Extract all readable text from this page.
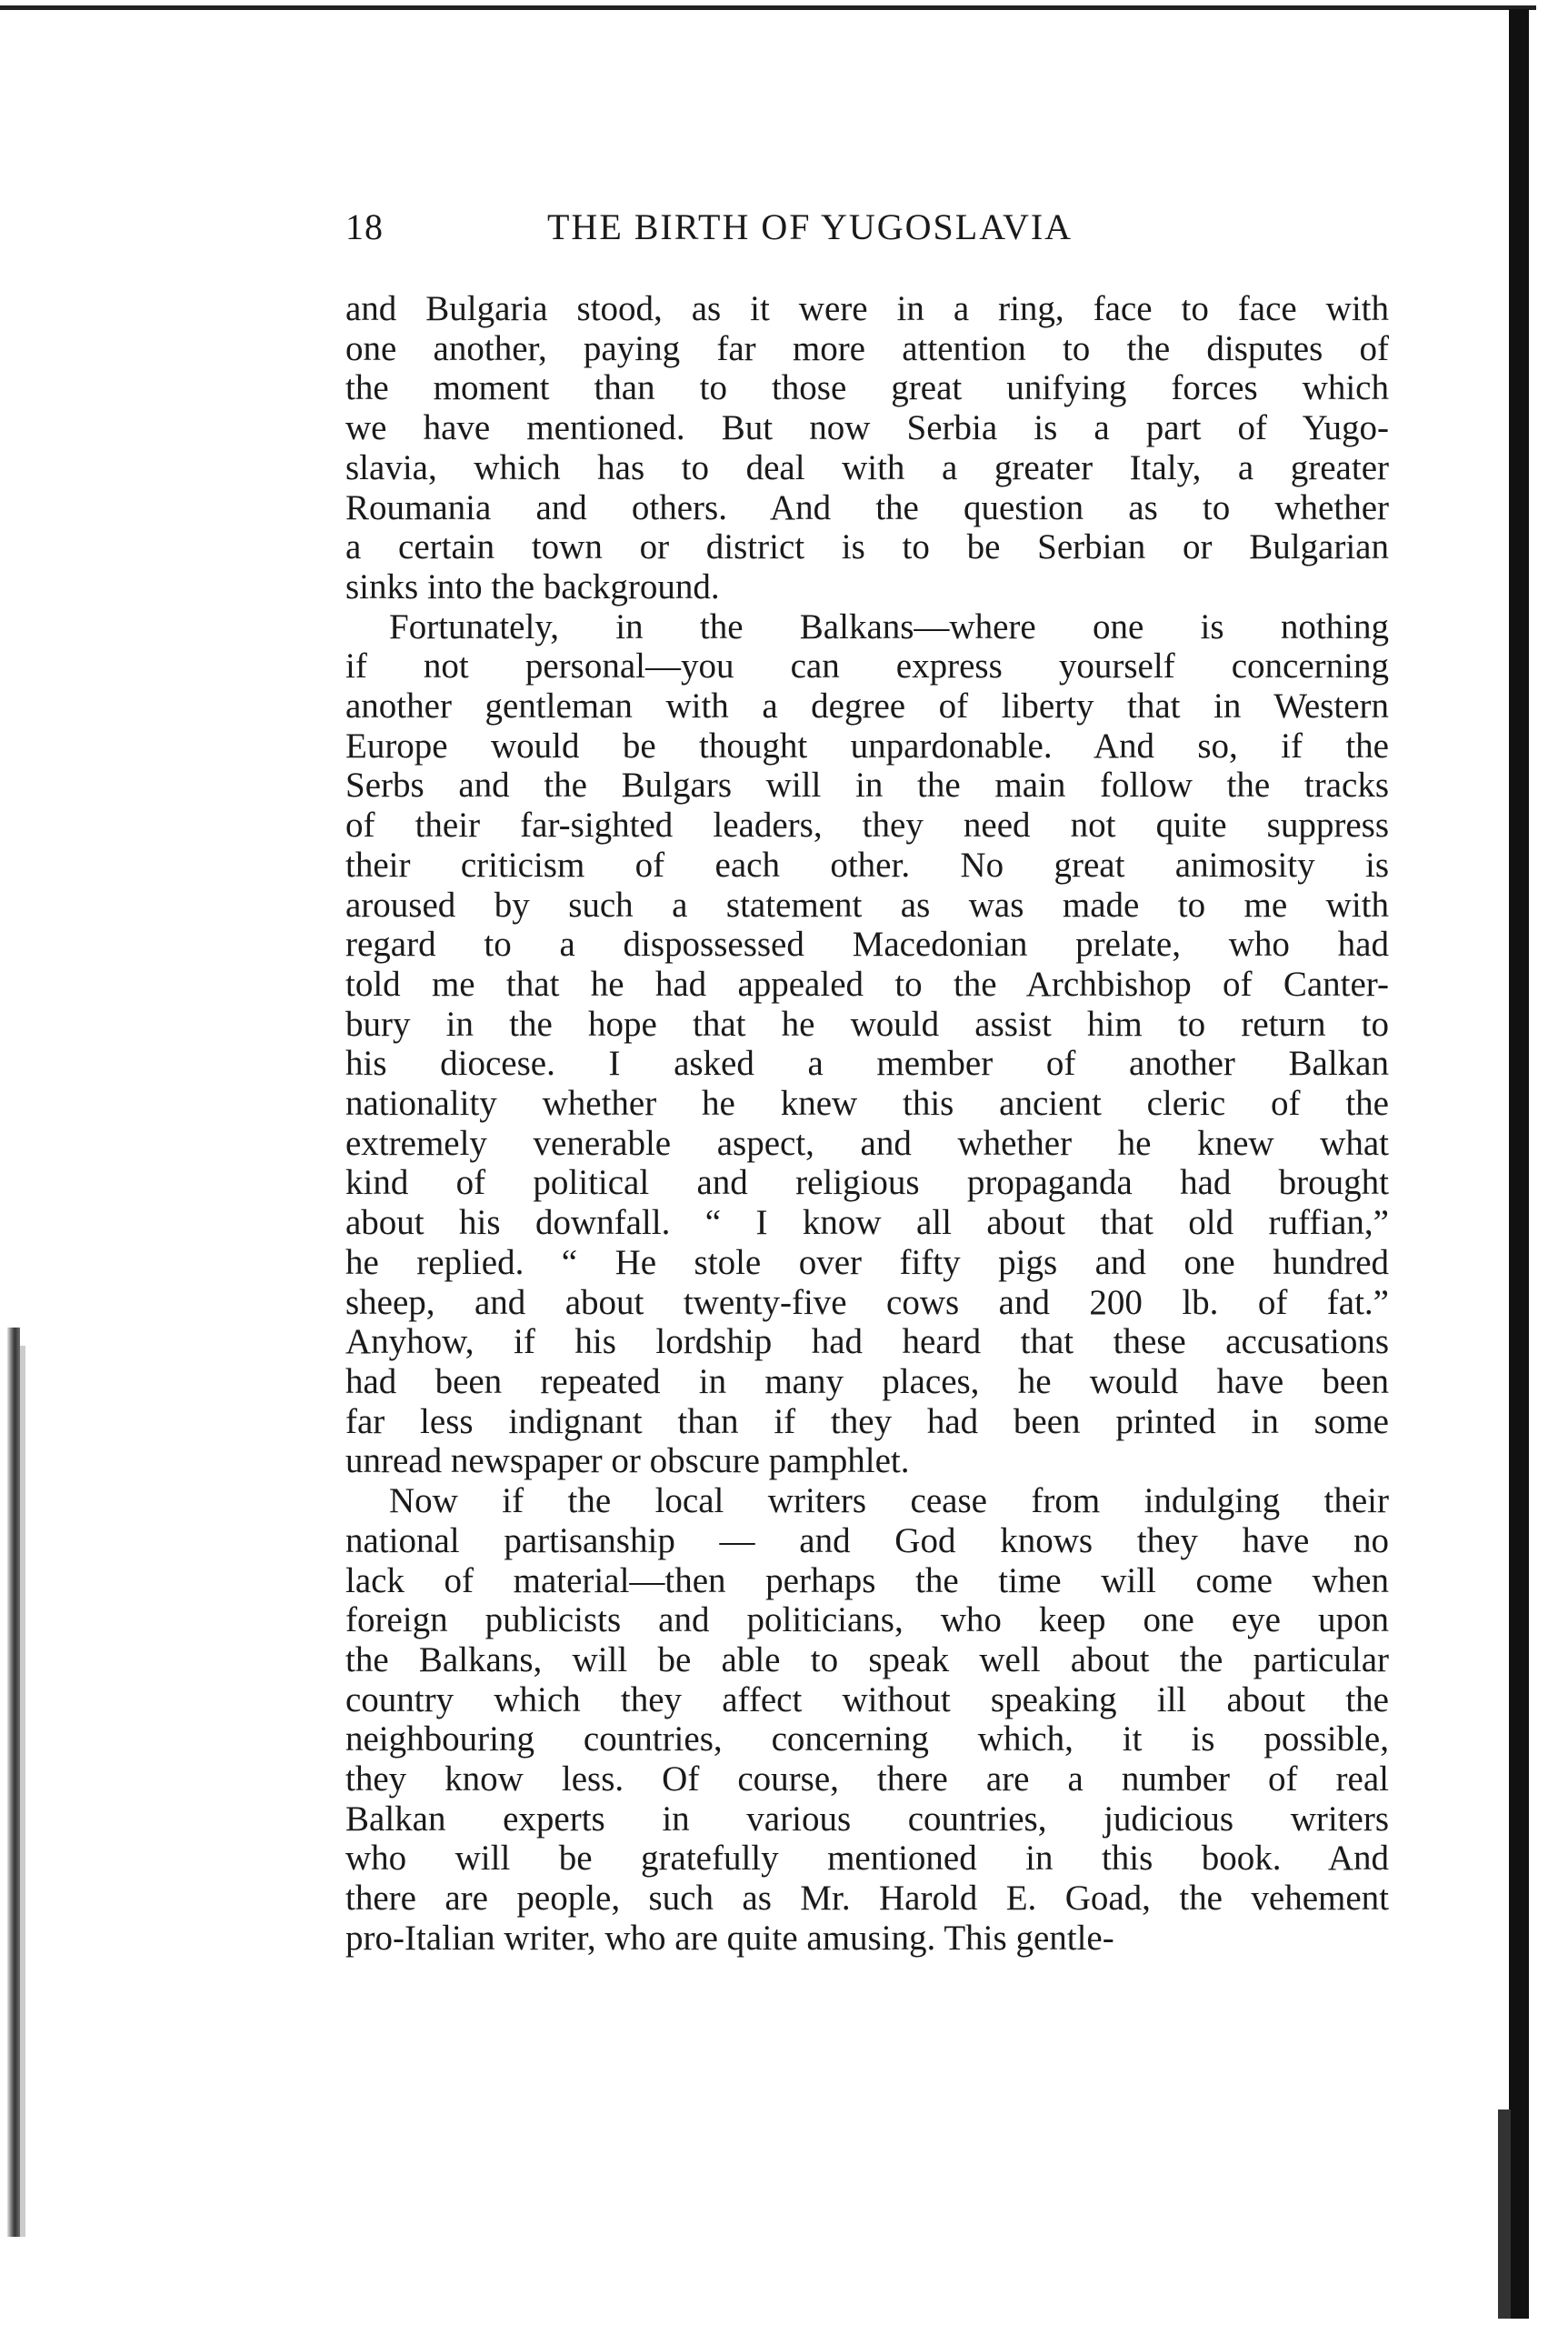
18	THE BIRTH OF YUGOSLAVIA
and Bulgaria stood, as it were in a ring, face to face with
one another, paying far more attention to the disputes of
the moment than to those great unifying forces which
we have mentioned. But now Serbia is a part of Yugo-
slavia, which has to deal with a greater Italy, a greater
Roumania and others. And the question as to whether
a certain town or district is to be Serbian or Bulgarian
sinks into the background.
Fortunately, in the Balkans—where one is nothing
if not personal—you can express yourself concerning
another gentleman with a degree of liberty that in Western
Europe would be thought unpardonable. And so, if the
Serbs and the Bulgars will in the main follow the tracks
of their far-sighted leaders, they need not quite suppress
their criticism of each other. No great animosity is
aroused by such a statement as was made to me with
regard to a dispossessed Macedonian prelate, who had
told me that he had appealed to the Archbishop of Canter-
bury in the hope that he would assist him to return to
his diocese. I asked a member of another Balkan
nationality whether he knew this ancient cleric of the
extremely venerable aspect, and whether he knew what
kind of political and religious propaganda had brought
about his downfall. “ I know all about that old ruffian,”
he replied. “ He stole over fifty pigs and one hundred
sheep, and about twenty-five cows and 200 lb. of fat.”
Anyhow, if his lordship had heard that these accusations
had been repeated in many places, he would have been
far less indignant than if they had been printed in some
unread newspaper or obscure pamphlet.
Now if the local writers cease from indulging their
national partisanship — and God knows they have no
lack of material—then perhaps the time will come when
foreign publicists and politicians, who keep one eye upon
the Balkans, will be able to speak well about the particular
country which they affect without speaking ill about the
neighbouring countries, concerning which, it is possible,
they know less. Of course, there are a number of real
Balkan experts in various countries, judicious writers
who will be gratefully mentioned in this book. And
there are people, such as Mr. Harold E. Goad, the vehement
pro-Italian writer, who are quite amusing. This gentle-
